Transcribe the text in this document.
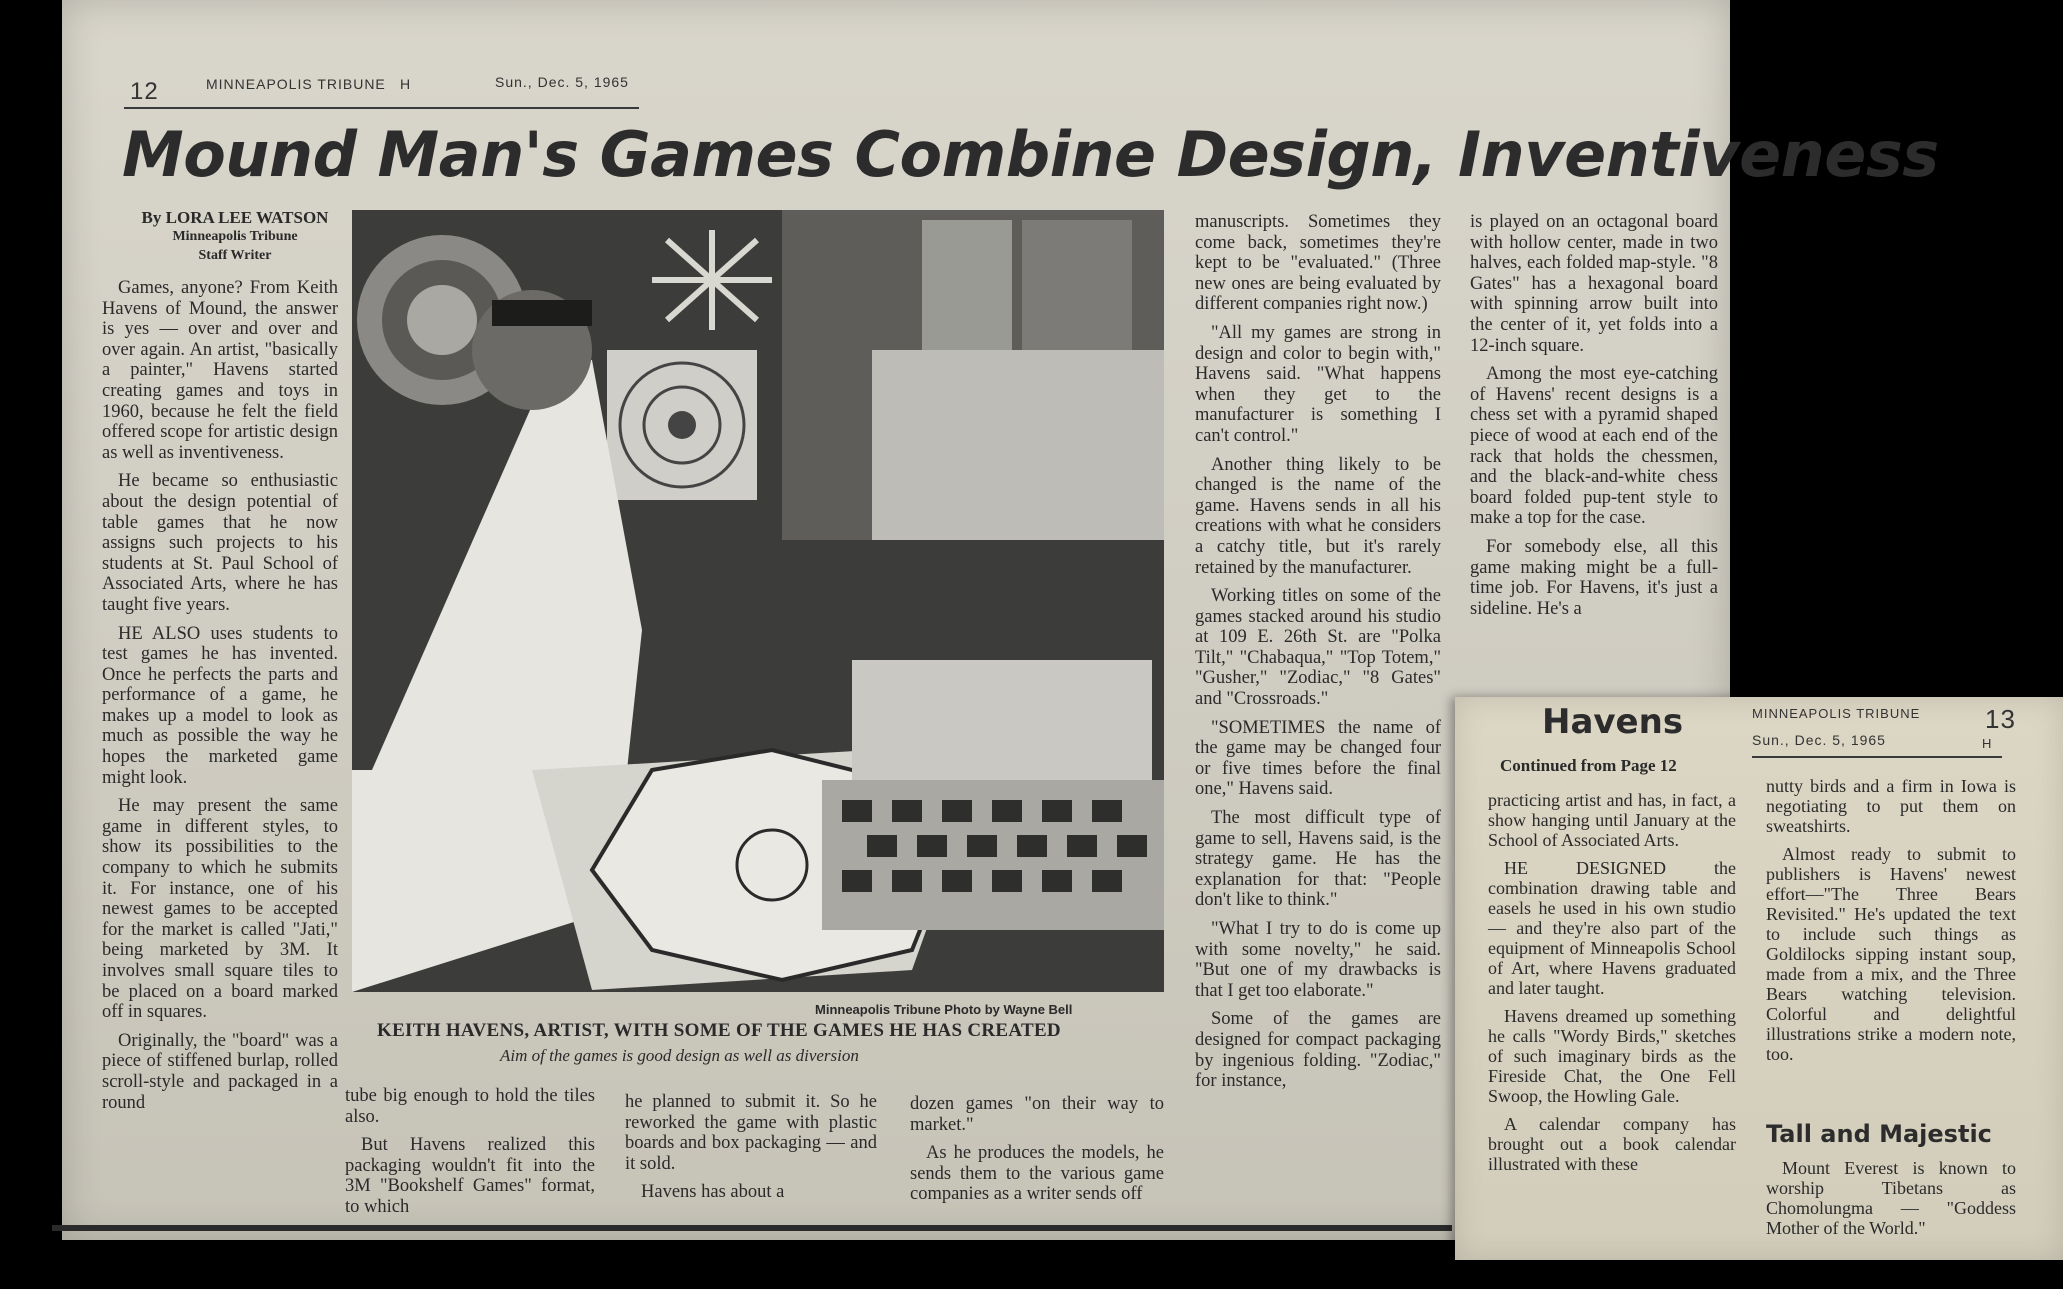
12	MINNEAPOLIS TRIBUNE H	Sun., Dec. 5, 1965
Mound Man's Games Combine Design, Inventiveness
By LORA LEE WATSON
Minneapolis Tribune
Staff Writer

Games, anyone? From Keith Havens of Mound, the answer is yes — over and over and over again. An artist, "basically a painter," Havens started creating games and toys in 1960, because he felt the field offered scope for artistic design as well as inventiveness.

He became so enthusiastic about the design potential of table games that he now assigns such projects to his students at St. Paul School of Associated Arts, where he has taught five years.

HE ALSO uses students to test games he has invented. Once he perfects the parts and performance of a game, he makes up a model to look as much as possible the way he hopes the marketed game might look.

He may present the same game in different styles, to show its possibilities to the company to which he submits it. For instance, one of his newest games to be accepted for the market is called "Jati," being marketed by 3M. It involves small square tiles to be placed on a board marked off in squares.

Originally, the "board" was a piece of stiffened burlap, rolled scroll-style and packaged in a round

Minneapolis Tribune Photo by Wayne Bell
KEITH HAVENS, ARTIST, WITH SOME OF THE GAMES HE HAS CREATED
Aim of the games is good design as well as diversion

tube big enough to hold the tiles also.

But Havens realized this packaging wouldn't fit into the 3M "Bookshelf Games" format, to which

he planned to submit it. So he reworked the game with plastic boards and box packaging — and it sold.

Havens has about a

dozen games "on their way to market."

As he produces the models, he sends them to the various game companies as a writer sends off

manuscripts. Sometimes they come back, sometimes they're kept to be "evaluated." (Three new ones are being evaluated by different companies right now.)

"All my games are strong in design and color to begin with," Havens said. "What happens when they get to the manufacturer is something I can't control."

Another thing likely to be changed is the name of the game. Havens sends in all his creations with what he considers a catchy title, but it's rarely retained by the manufacturer.

Working titles on some of the games stacked around his studio at 109 E. 26th St. are "Polka Tilt," "Chabaqua," "Top Totem," "Gusher," "Zodiac," "8 Gates" and "Crossroads."

"SOMETIMES the name of the game may be changed four or five times before the final one," Havens said.

The most difficult type of game to sell, Havens said, is the strategy game. He has the explanation for that: "People don't like to think."

"What I try to do is come up with some novelty," he said. "But one of my drawbacks is that I get too elaborate."

Some of the games are designed for compact packaging by ingenious folding. "Zodiac," for instance,

is played on an octagonal board with hollow center, made in two halves, each folded map-style. "8 Gates" has a hexagonal board with spinning arrow built into the center of it, yet folds into a 12-inch square.

Among the most eye-catching of Havens' recent designs is a chess set with a pyramid shaped piece of wood at each end of the rack that holds the chessmen, and the black-and-white chess board folded pup-tent style to make a top for the case.

For somebody else, all this game making might be a full-time job. For Havens, it's just a sideline. He's a

Havens
Continued from Page 12
MINNEAPOLIS TRIBUNE 13
Sun., Dec. 5, 1965	H

practicing artist and has, in fact, a show hanging until January at the School of Associated Arts.

HE DESIGNED the combination drawing table and easels he used in his own studio — and they're also part of the equipment of Minneapolis School of Art, where Havens graduated and later taught.

Havens dreamed up something he calls "Wordy Birds," sketches of such imaginary birds as the Fireside Chat, the One Fell Swoop, the Howling Gale.

A calendar company has brought out a book calendar illustrated with these

nutty birds and a firm in Iowa is negotiating to put them on sweatshirts.

Almost ready to submit to publishers is Havens' newest effort—"The Three Bears Revisited." He's updated the text to include such things as Goldilocks sipping instant soup, made from a mix, and the Three Bears watching television. Colorful and delightful illustrations strike a modern note, too.

Tall and Majestic

Mount Everest is known to worship Tibetans as Chomolungma — "Goddess Mother of the World."
